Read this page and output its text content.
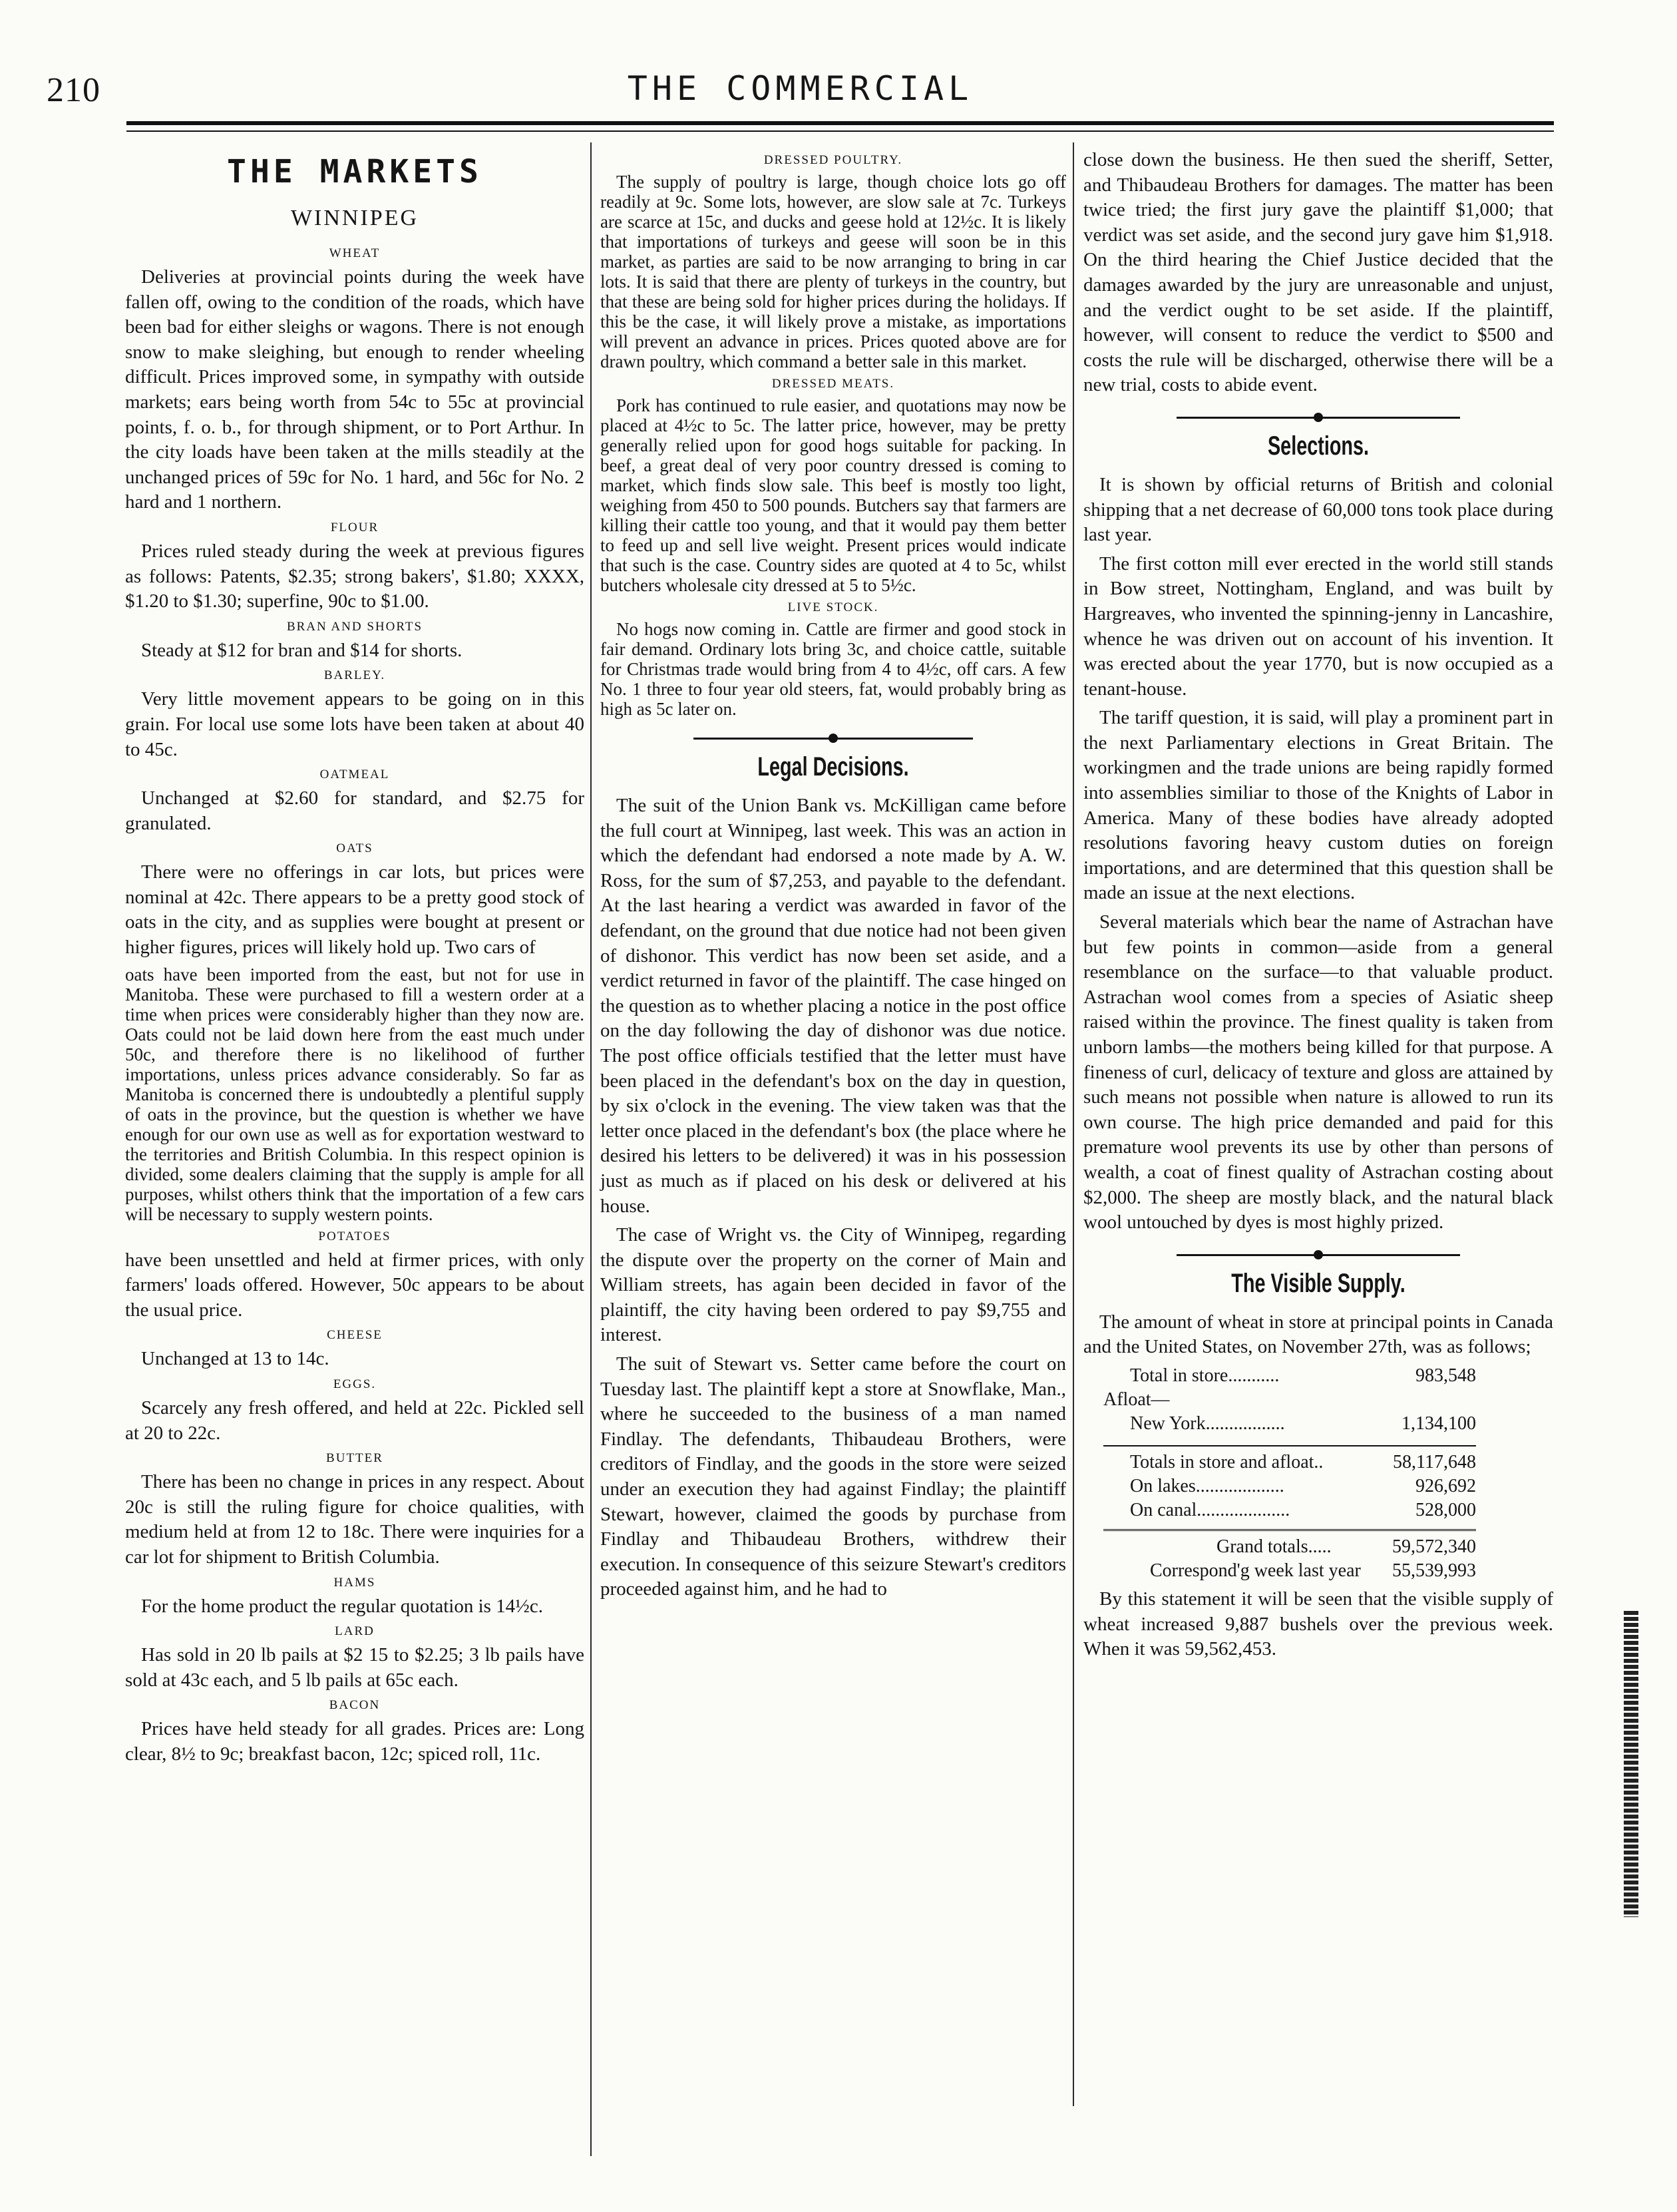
210	THE COMMERCIAL
THE MARKETS
WINNIPEG
WHEAT

Deliveries at provincial points during the week have fallen off, owing to the condition of the roads, which have been bad for either sleighs or wagons. There is not enough snow to make sleighing, but enough to render wheeling difficult. Prices improved some, in sympathy with outside markets; ears being worth from 54c to 55c at provincial points, f. o. b., for through shipment, or to Port Arthur. In the city loads have been taken at the mills steadily at the unchanged prices of 59c for No. 1 hard, and 56c for No. 2 hard and 1 northern.

FLOUR

Prices ruled steady during the week at previous figures as follows: Patents, $2.35; strong bakers', $1.80; XXXX, $1.20 to $1.30; superfine, 90c to $1.00.

BRAN AND SHORTS

Steady at $12 for bran and $14 for shorts.

BARLEY.

Very little movement appears to be going on in this grain. For local use some lots have been taken at about 40 to 45c.

OATMEAL

Unchanged at $2.60 for standard, and $2.75 for granulated.

OATS

There were no offerings in car lots, but prices were nominal at 42c. There appears to be a pretty good stock of oats in the city, and as supplies were bought at present or higher figures, prices will likely hold up. Two cars of

oats have been imported from the east, but not for use in Manitoba. These were purchased to fill a western order at a time when prices were considerably higher than they now are. Oats could not be laid down here from the east much under 50c, and therefore there is no likelihood of further importations, unless prices advance considerably. So far as Manitoba is concerned there is undoubtedly a plentiful supply of oats in the province, but the question is whether we have enough for our own use as well as for exportation westward to the territories and British Columbia. In this respect opinion is divided, some dealers claiming that the supply is ample for all purposes, whilst others think that the importation of a few cars will be necessary to supply western points.

POTATOES

have been unsettled and held at firmer prices, with only farmers' loads offered. However, 50c appears to be about the usual price.

CHEESE

Unchanged at 13 to 14c.

EGGS.

Scarcely any fresh offered, and held at 22c. Pickled sell at 20 to 22c.

BUTTER

There has been no change in prices in any respect. About 20c is still the ruling figure for choice qualities, with medium held at from 12 to 18c. There were inquiries for a car lot for shipment to British Columbia.

HAMS

For the home product the regular quotation is 14½c.

LARD

Has sold in 20 lb pails at $2 15 to $2.25; 3 lb pails have sold at 43c each, and 5 lb pails at 65c each.

BACON

Prices have held steady for all grades. Prices are: Long clear, 8½ to 9c; breakfast bacon, 12c; spiced roll, 11c.

DRESSED POULTRY.

The supply of poultry is large, though choice lots go off readily at 9c. Some lots, however, are slow sale at 7c. Turkeys are scarce at 15c, and ducks and geese hold at 12½c. It is likely that importations of turkeys and geese will soon be in this market, as parties are said to be now arranging to bring in car lots. It is said that there are plenty of turkeys in the country, but that these are being sold for higher prices during the holidays. If this be the case, it will likely prove a mistake, as importations will prevent an advance in prices. Prices quoted above are for drawn poultry, which command a better sale in this market.

DRESSED MEATS.

Pork has continued to rule easier, and quotations may now be placed at 4½c to 5c. The latter price, however, may be pretty generally relied upon for good hogs suitable for packing. In beef, a great deal of very poor country dressed is coming to market, which finds slow sale. This beef is mostly too light, weighing from 450 to 500 pounds. Butchers say that farmers are killing their cattle too young, and that it would pay them better to feed up and sell live weight. Present prices would indicate that such is the case. Country sides are quoted at 4 to 5c, whilst butchers wholesale city dressed at 5 to 5½c.

LIVE STOCK.

No hogs now coming in. Cattle are firmer and good stock in fair demand. Ordinary lots bring 3c, and choice cattle, suitable for Christmas trade would bring from 4 to 4½c, off cars. A few No. 1 three to four year old steers, fat, would probably bring as high as 5c later on.

Legal Decisions.

The suit of the Union Bank vs. McKilligan came before the full court at Winnipeg, last week. This was an action in which the defendant had endorsed a note made by A. W. Ross, for the sum of $7,253, and payable to the defendant. At the last hearing a verdict was awarded in favor of the defendant, on the ground that due notice had not been given of dishonor. This verdict has now been set aside, and a verdict returned in favor of the plaintiff. The case hinged on the question as to whether placing a notice in the post office on the day following the day of dishonor was due notice. The post office officials testified that the letter must have been placed in the defendant's box on the day in question, by six o'clock in the evening. The view taken was that the letter once placed in the defendant's box (the place where he desired his letters to be delivered) it was in his possession just as much as if placed on his desk or delivered at his house.

The case of Wright vs. the City of Winnipeg, regarding the dispute over the property on the corner of Main and William streets, has again been decided in favor of the plaintiff, the city having been ordered to pay $9,755 and interest.

The suit of Stewart vs. Setter came before the court on Tuesday last. The plaintiff kept a store at Snowflake, Man., where he succeeded to the business of a man named Findlay. The defendants, Thibaudeau Brothers, were creditors of Findlay, and the goods in the store were seized under an execution they had against Findlay; the plaintiff Stewart, however, claimed the goods by purchase from Findlay and Thibaudeau Brothers, withdrew their execution. In consequence of this seizure Stewart's creditors proceeded against him, and he had to

close down the business. He then sued the sheriff, Setter, and Thibaudeau Brothers for damages. The matter has been twice tried; the first jury gave the plaintiff $1,000; that verdict was set aside, and the second jury gave him $1,918. On the third hearing the Chief Justice decided that the damages awarded by the jury are unreasonable and unjust, and the verdict ought to be set aside. If the plaintiff, however, will consent to reduce the verdict to $500 and costs the rule will be discharged, otherwise there will be a new trial, costs to abide event.

Selections.

It is shown by official returns of British and colonial shipping that a net decrease of 60,000 tons took place during last year.

The first cotton mill ever erected in the world still stands in Bow street, Nottingham, England, and was built by Hargreaves, who invented the spinning-jenny in Lancashire, whence he was driven out on account of his invention. It was erected about the year 1770, but is now occupied as a tenant-house.

The tariff question, it is said, will play a prominent part in the next Parliamentary elections in Great Britain. The workingmen and the trade unions are being rapidly formed into assemblies similiar to those of the Knights of Labor in America. Many of these bodies have already adopted resolutions favoring heavy custom duties on foreign importations, and are determined that this question shall be made an issue at the next elections.

Several materials which bear the name of Astrachan have but few points in common—aside from a general resemblance on the surface—to that valuable product. Astrachan wool comes from a species of Asiatic sheep raised within the province. The finest quality is taken from unborn lambs—the mothers being killed for that purpose. A fineness of curl, delicacy of texture and gloss are attained by such means not possible when nature is allowed to run its own course. The high price demanded and paid for this premature wool prevents its use by other than persons of wealth, a coat of finest quality of Astrachan costing about $2,000. The sheep are mostly black, and the natural black wool untouched by dyes is most highly prized.

The Visible Supply.

The amount of wheat in store at principal points in Canada and the United States, on November 27th, was as follows;

Total in store...........	983,548
Afloat—
New York.................	1,134,100
Totals in store and afloat..	58,117,648
On lakes...................	926,692
On canal....................	528,000
Grand totals.....	59,572,340
Correspond'g week last year 55,539,993

By this statement it will be seen that the visible supply of wheat increased 9,887 bushels over the previous week. When it was 59,562,453.
